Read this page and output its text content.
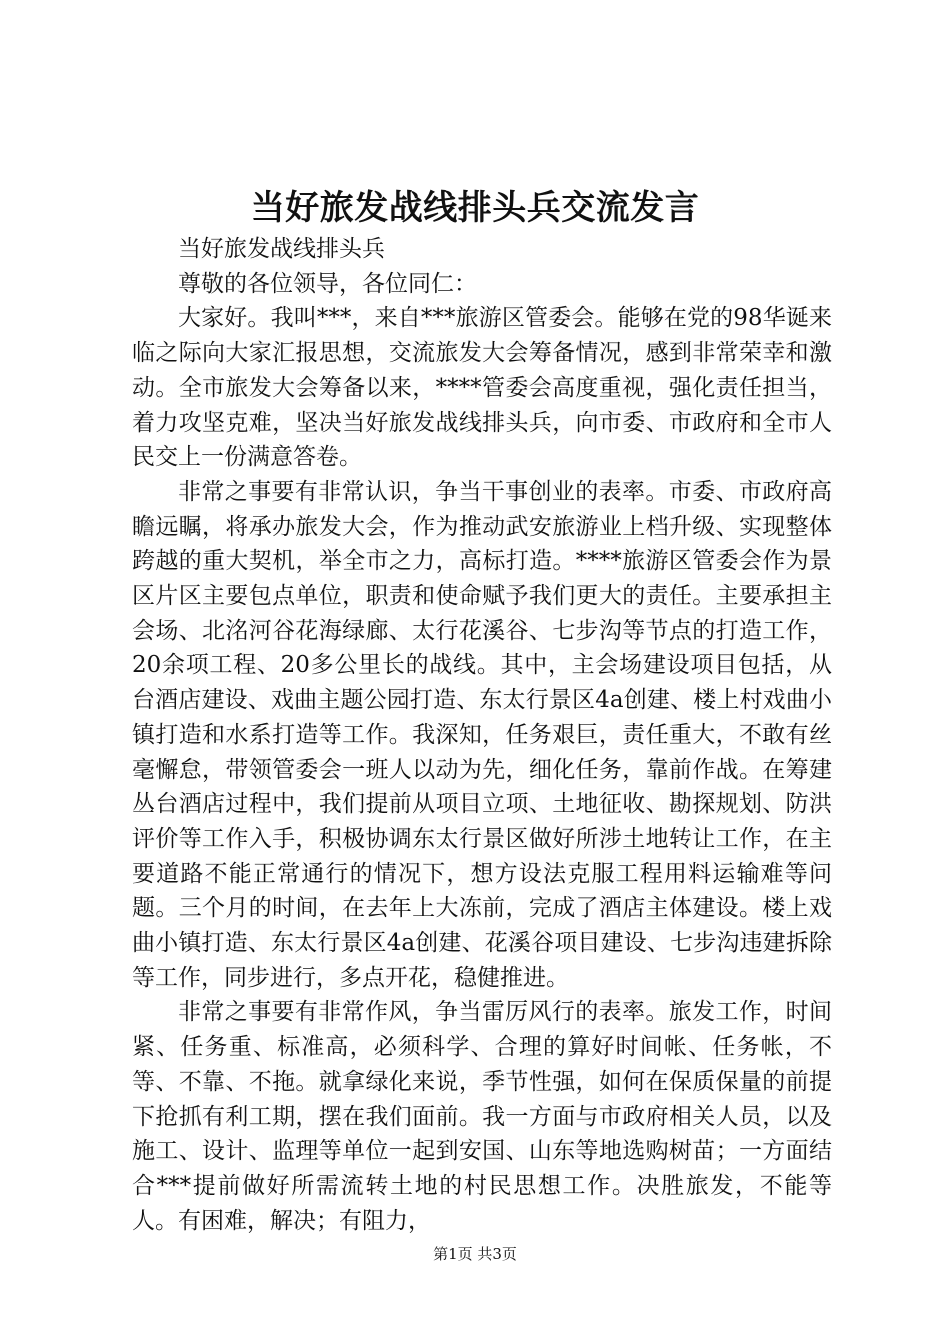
当好旅发战线排头兵交流发言

当好旅发战线排头兵

尊敬的各位领导，各位同仁：

大家好。我叫***，来自***旅游区管委会。能够在党的98华诞来临之际向大家汇报思想，交流旅发大会筹备情况，感到非常荣幸和激动。全市旅发大会筹备以来，****管委会高度重视，强化责任担当，着力攻坚克难，坚决当好旅发战线排头兵，向市委、市政府和全市人民交上一份满意答卷。

非常之事要有非常认识，争当干事创业的表率。市委、市政府高瞻远瞩，将承办旅发大会，作为推动武安旅游业上档升级、实现整体跨越的重大契机，举全市之力，高标打造。****旅游区管委会作为景区片区主要包点单位，职责和使命赋予我们更大的责任。主要承担主会场、北洺河谷花海绿廊、太行花溪谷、七步沟等节点的打造工作，20余项工程、20多公里长的战线。其中，主会场建设项目包括，从台酒店建设、戏曲主题公园打造、东太行景区4a创建、楼上村戏曲小镇打造和水系打造等工作。我深知，任务艰巨，责任重大，不敢有丝毫懈怠，带领管委会一班人以动为先，细化任务，靠前作战。在筹建丛台酒店过程中，我们提前从项目立项、土地征收、勘探规划、防洪评价等工作入手，积极协调东太行景区做好所涉土地转让工作，在主要道路不能正常通行的情况下，想方设法克服工程用料运输难等问题。三个月的时间，在去年上大冻前，完成了酒店主体建设。楼上戏曲小镇打造、东太行景区4a创建、花溪谷项目建设、七步沟违建拆除等工作，同步进行，多点开花，稳健推进。

非常之事要有非常作风，争当雷厉风行的表率。旅发工作，时间紧、任务重、标准高，必须科学、合理的算好时间帐、任务帐，不等、不靠、不拖。就拿绿化来说，季节性强，如何在保质保量的前提下抢抓有利工期，摆在我们面前。我一方面与市政府相关人员，以及施工、设计、监理等单位一起到安国、山东等地选购树苗；一方面结合***提前做好所需流转土地的村民思想工作。决胜旅发，不能等人。有困难，解决；有阻力，

第1页 共3页
